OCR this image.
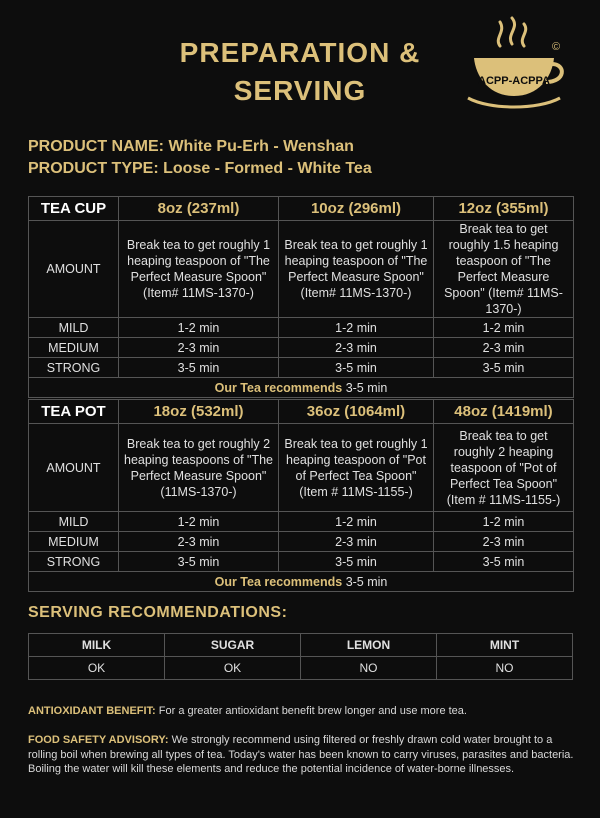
PREPARATION &
SERVING	ACPP-ACPPA
©
PRODUCT NAME: White Pu-Erh - Wenshan
PRODUCT TYPE: Loose - Formed - White Tea
TEA CUP	8oz (237ml)	10oz (296ml)	12oz (355ml)
AMOUNT	Break tea to get roughly 1 heaping teaspoon of "The Perfect Measure Spoon" (Item# 11MS-1370-)	Break tea to get roughly 1 heaping teaspoon of "The Perfect Measure Spoon" (Item# 11MS-1370-)	Break tea to get roughly 1.5 heaping teaspoon of "The Perfect Measure Spoon" (Item# 11MS-1370-)
MILD	1-2 min	1-2 min	1-2 min
MEDIUM	2-3 min	2-3 min	2-3 min
STRONG	3-5 min	3-5 min	3-5 min
Our Tea recommends 3-5 min			
TEA POT	18oz (532ml)	36oz (1064ml)	48oz (1419ml)
AMOUNT	Break tea to get roughly 2 heaping teaspoons of "The Perfect Measure Spoon" (11MS-1370-)	Break tea to get roughly 1 heaping teaspoon of "Pot of Perfect Tea Spoon" (Item # 11MS-1155-)	Break tea to get roughly 2 heaping teaspoon of "Pot of Perfect Tea Spoon" (Item # 11MS-1155-)
MILD	1-2 min	1-2 min	1-2 min
MEDIUM	2-3 min	2-3 min	2-3 min
STRONG	3-5 min	3-5 min	3-5 min
Our Tea recommends 3-5 min			
SERVING RECOMMENDATIONS:
MILK	SUGAR	LEMON	MINT
OK	OK	NO	NO
ANTIOXIDANT BENEFIT: For a greater antioxidant benefit brew longer and use more tea.
FOOD SAFETY ADVISORY: We strongly recommend using filtered or freshly drawn cold water brought to a rolling boil when brewing all types of tea. Today's water has been known to carry viruses, parasites and bacteria. Boiling the water will kill these elements and reduce the potential incidence of water-borne illnesses.
